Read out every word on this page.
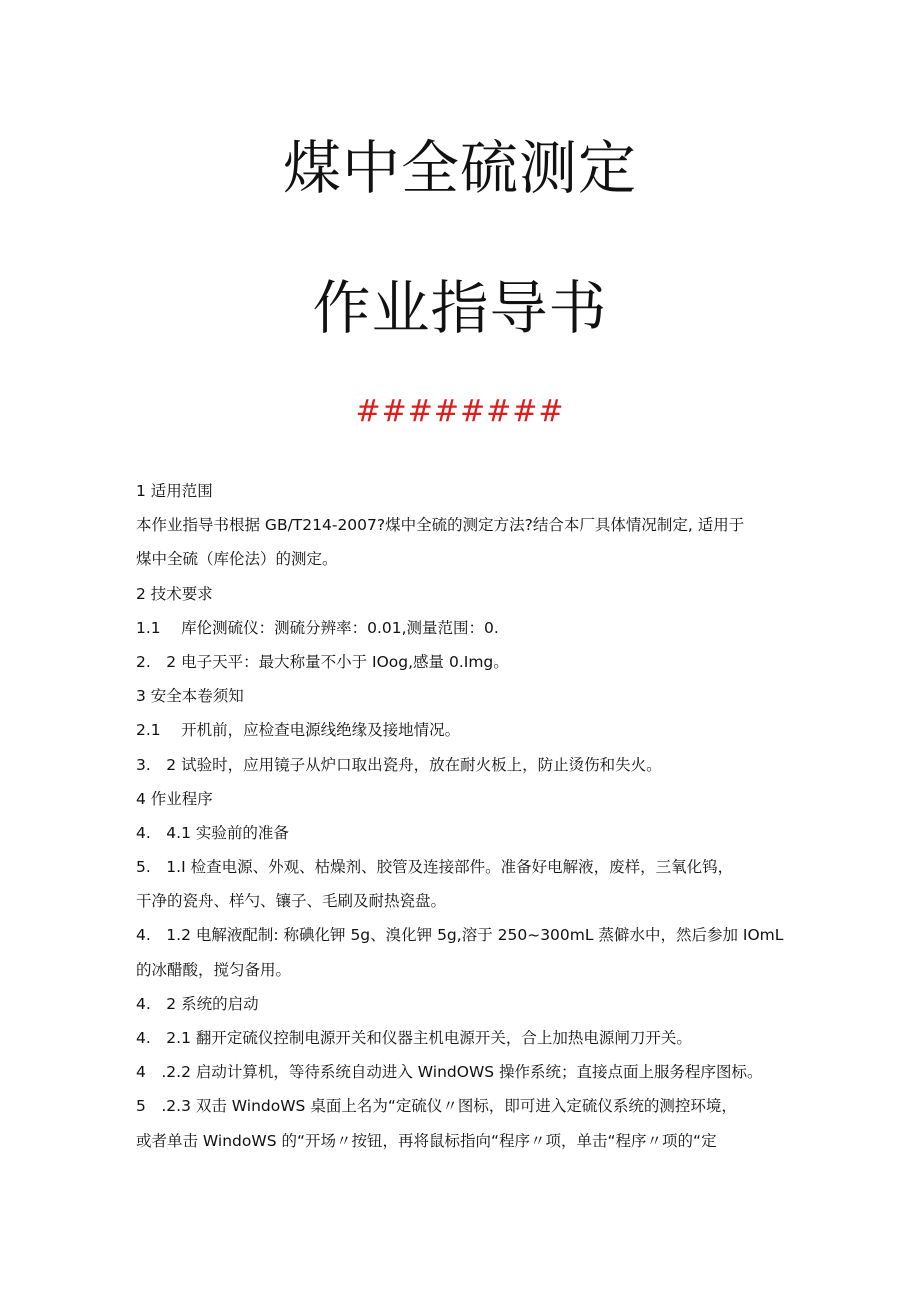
煤中全硫测定
作业指导书
########
1 适用范围
本作业指导书根据 GB/T214-2007?煤中全硫的测定方法?结合本厂具体情况制定, 适用于
煤中全硫（库伦法）的测定。
2 技术要求
1.1　 库伦测硫仪：测硫分辨率：0.01,测量范围：0.
2.　2 电子天平：最大称量不小于 IOog,感量 0.Img。
3 安全本卷须知
2.1　 开机前，应检查电源线绝缘及接地情况。
3.　2 试验时，应用镜子从炉口取出瓷舟，放在耐火板上，防止烫伤和失火。
4 作业程序
4.　4.1 实验前的准备
5.　1.I 检查电源、外观、枯燥剂、胶管及连接部件。准备好电解液，废样，三氧化钨，
干净的瓷舟、样勺、镶子、毛刷及耐热瓷盘。
4.　1.2 电解液配制: 称碘化钾 5g、溴化钾 5g,溶于 250~300mL 蒸僻水中，然后参加 IOmL
的冰醋酸，搅匀备用。
4.　2 系统的启动
4.　2.1 翻开定硫仪控制电源开关和仪器主机电源开关，合上加热电源闸刀开关。
4　.2.2 启动计算机，等待系统自动进入 WindOWS 操作系统；直接点面上服务程序图标。
5　.2.3 双击 WindoWS 桌面上名为“定硫仪〃图标，即可进入定硫仪系统的测控环境，
或者单击 WindoWS 的“开场〃按钮，再将鼠标指向“程序〃项，单击“程序〃项的“定
